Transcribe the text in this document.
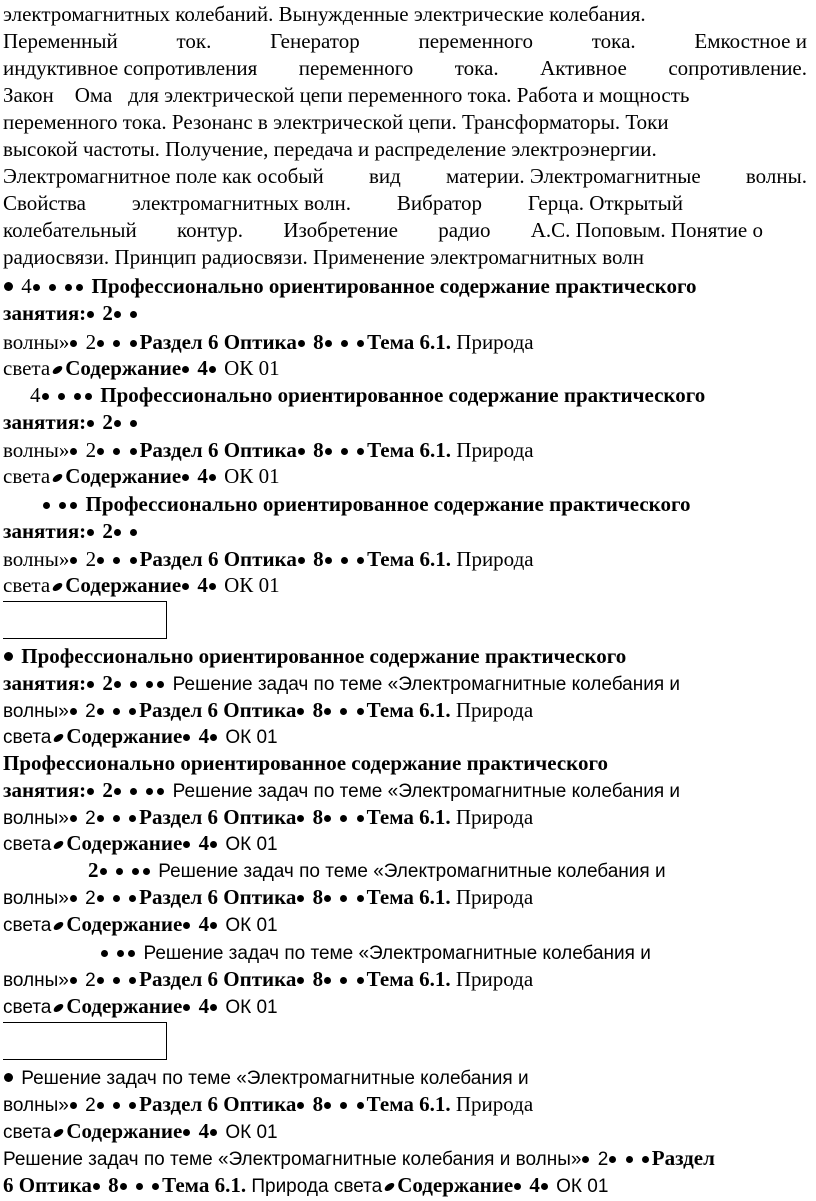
электромагнитных колебаний. Вынужденные электрические колебания.
Переменный	ток.	Генератор	переменного	тока.	Емкостное и
индуктивное сопротивления переменного тока. Активное сопротивление.
Закон Ома для электрической цепи переменного тока. Работа и мощность
переменного тока. Резонанс в электрической цепи. Трансформаторы. Токи
высокой частоты. Получение, передача и распределение электроэнергии.
Электромагнитное поле как особый вид материи. Электромагнитные волны.
Свойства электромагнитных волн. Вибратор Герца. Открытый
колебательный контур. Изобретение радио А.С. Поповым. Понятие о
радиосвязи. Принцип радиосвязи. Применение электромагнитных волн
4	Профессионально ориентированное содержание практического
занятия: 2
волны» 2 Раздел 6 Оптика 8 Тема 6.1. Природа
света Содержание 4 ОК 01
4	Профессионально ориентированное содержание практического
занятия: 2
волны» 2 Раздел 6 Оптика 8 Тема 6.1. Природа
света Содержание 4 ОК 01
Профессионально ориентированное содержание практического
занятия: 2
волны» 2 Раздел 6 Оптика 8 Тема 6.1. Природа
света Содержание 4 ОК 01
Профессионально ориентированное содержание практического
занятия: 2	Решение задач по теме «Электромагнитные колебания и
волны» 2 Раздел 6 Оптика 8 Тема 6.1. Природа
света Содержание 4 ОК 01
Профессионально ориентированное содержание практического
занятия: 2	Решение задач по теме «Электромагнитные колебания и
волны» 2 Раздел 6 Оптика 8 Тема 6.1. Природа
света Содержание 4 ОК 01
2	Решение задач по теме «Электромагнитные колебания и
волны» 2 Раздел 6 Оптика 8 Тема 6.1. Природа
света Содержание 4 ОК 01
Решение задач по теме «Электромагнитные колебания и
волны» 2 Раздел 6 Оптика 8 Тема 6.1. Природа
света Содержание 4 ОК 01
Решение задач по теме «Электромагнитные колебания и
волны» 2 Раздел 6 Оптика 8 Тема 6.1. Природа
света Содержание 4 ОК 01
Решение задач по теме «Электромагнитные колебания и волны» 2 Раздел
6 Оптика 8 Тема 6.1. Природа света Содержание 4 ОК 01
